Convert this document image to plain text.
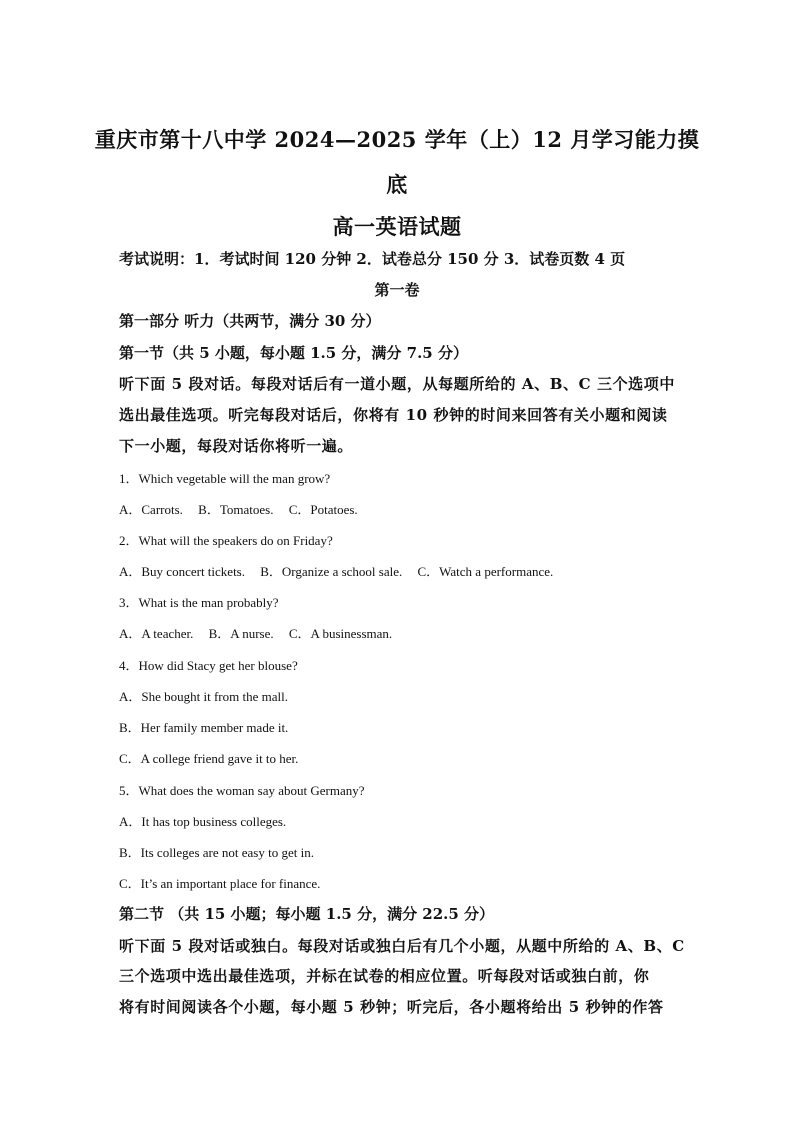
重庆市第十八中学 2024—2025 学年（上）12 月学习能力摸
底
高一英语试题
考试说明：1．考试时间 120 分钟 2．试卷总分 150 分 3．试卷页数 4 页
第一卷
第一部分 听力（共两节，满分 30 分）
第一节（共 5 小题，每小题 1.5 分，满分 7.5 分）
听下面 5 段对话。每段对话后有一道小题，从每题所给的 A、B、C 三个选项中
选出最佳选项。听完每段对话后，你将有 10 秒钟的时间来回答有关小题和阅读
下一小题，每段对话你将听一遍。
1．Which vegetable will the man grow?
A．Carrots. B．Tomatoes. C．Potatoes.
2．What will the speakers do on Friday?
A．Buy concert tickets. B．Organize a school sale. C．Watch a performance.
3．What is the man probably?
A．A teacher. B．A nurse. C．A businessman.
4．How did Stacy get her blouse?
A．She bought it from the mall.
B．Her family member made it.
C．A college friend gave it to her.
5．What does the woman say about Germany?
A．It has top business colleges.
B．Its colleges are not easy to get in.
C．It’s an important place for finance.
第二节 （共 15 小题；每小题 1.5 分，满分 22.5 分）
听下面 5 段对话或独白。每段对话或独白后有几个小题，从题中所给的 A、B、C
三个选项中选出最佳选项，并标在试卷的相应位置。听每段对话或独白前，你
将有时间阅读各个小题，每小题 5 秒钟；听完后，各小题将给出 5 秒钟的作答
